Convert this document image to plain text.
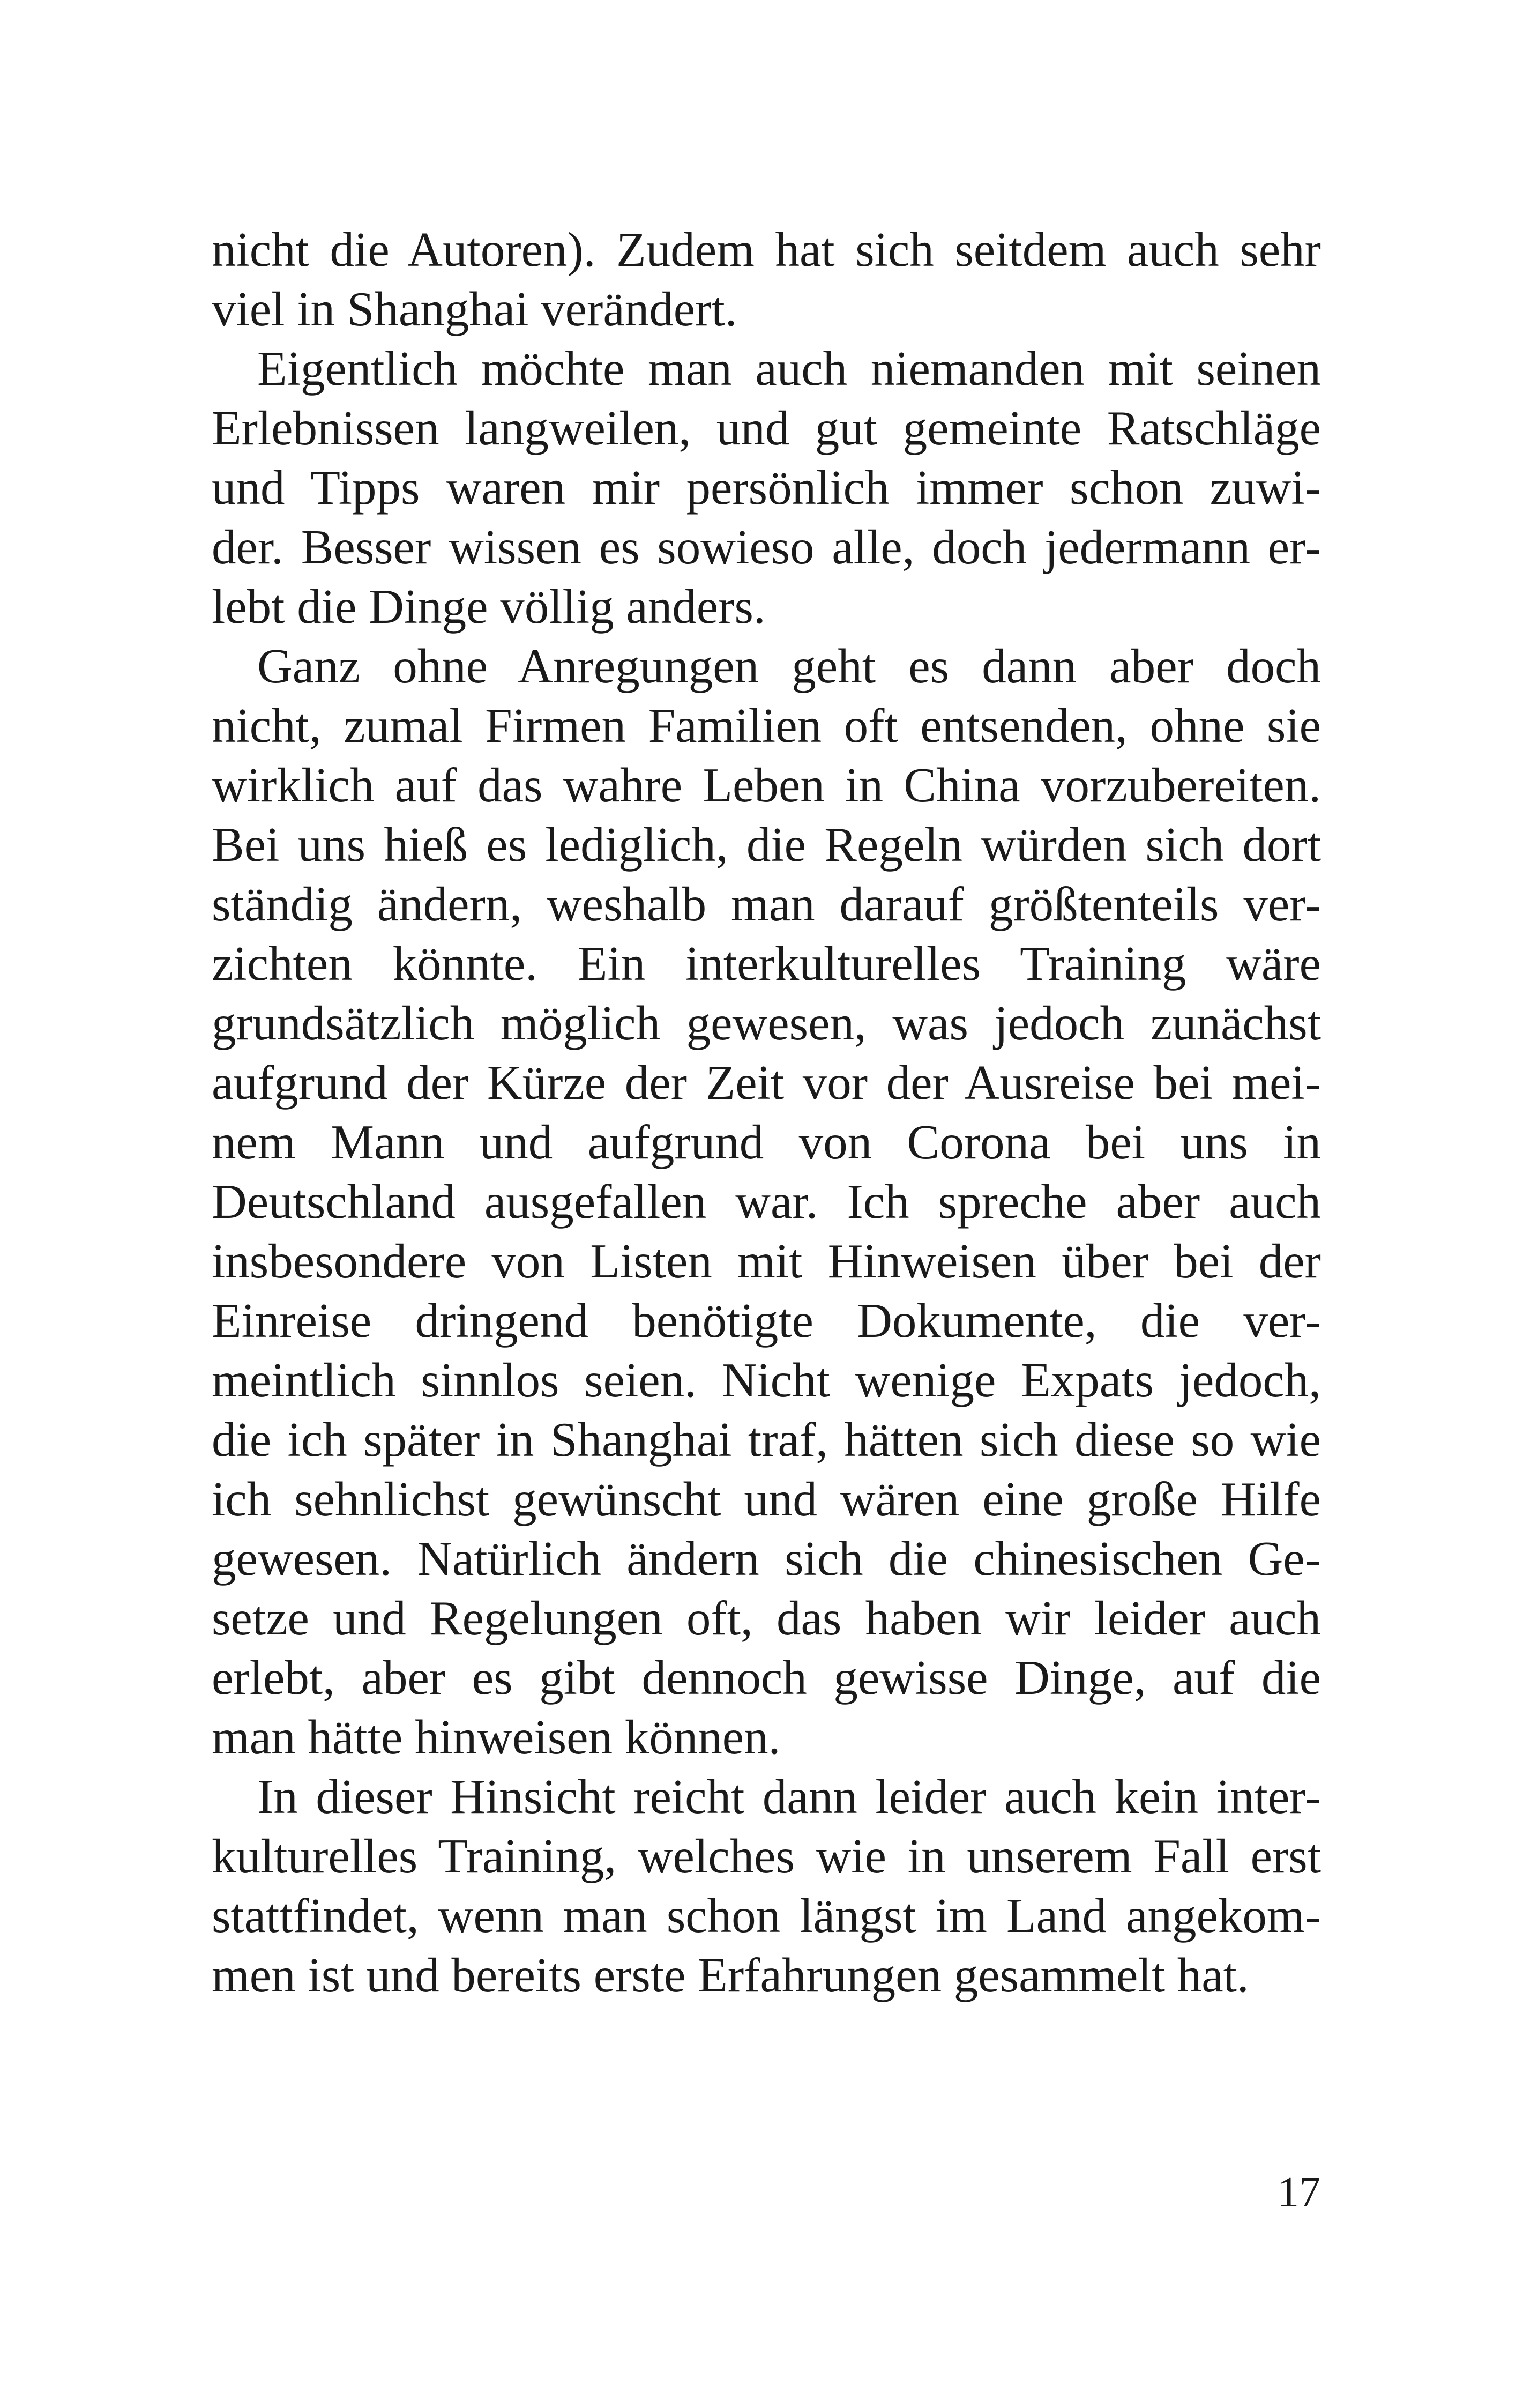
nicht die Autoren). Zudem hat sich seitdem auch sehr
viel in Shanghai verändert.
Eigentlich möchte man auch niemanden mit seinen
Erlebnissen langweilen, und gut gemeinte Ratschläge
und Tipps waren mir persönlich immer schon zuwi-
der. Besser wissen es sowieso alle, doch jedermann er-
lebt die Dinge völlig anders.
Ganz ohne Anregungen geht es dann aber doch
nicht, zumal Firmen Familien oft entsenden, ohne sie
wirklich auf das wahre Leben in China vorzubereiten.
Bei uns hieß es lediglich, die Regeln würden sich dort
ständig ändern, weshalb man darauf größtenteils ver-
zichten könnte. Ein interkulturelles Training wäre
grundsätzlich möglich gewesen, was jedoch zunächst
aufgrund der Kürze der Zeit vor der Ausreise bei mei-
nem Mann und aufgrund von Corona bei uns in
Deutschland ausgefallen war. Ich spreche aber auch
insbesondere von Listen mit Hinweisen über bei der
Einreise dringend benötigte Dokumente, die ver-
meintlich sinnlos seien. Nicht wenige Expats jedoch,
die ich später in Shanghai traf, hätten sich diese so wie
ich sehnlichst gewünscht und wären eine große Hilfe
gewesen. Natürlich ändern sich die chinesischen Ge-
setze und Regelungen oft, das haben wir leider auch
erlebt, aber es gibt dennoch gewisse Dinge, auf die
man hätte hinweisen können.
In dieser Hinsicht reicht dann leider auch kein inter-
kulturelles Training, welches wie in unserem Fall erst
stattfindet, wenn man schon längst im Land angekom-
men ist und bereits erste Erfahrungen gesammelt hat.
17
